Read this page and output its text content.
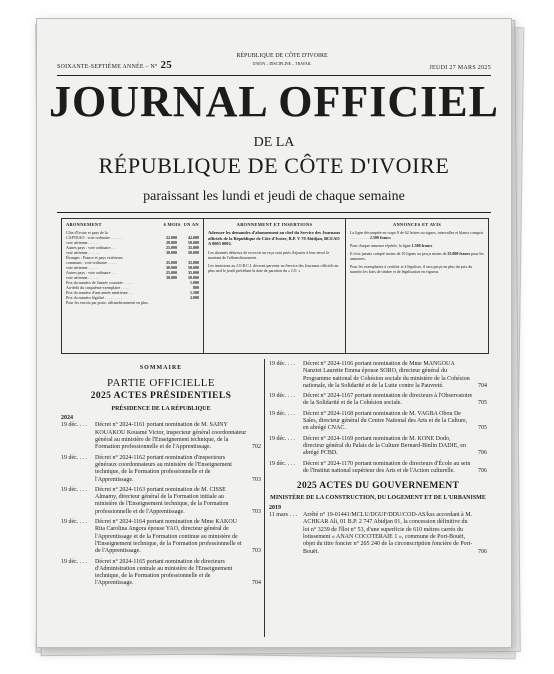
SOIXANTE-SEPTIÈME ANNÉE – N° 25
RÉPUBLIQUE DE CÔTE D'IVOIRE
UNION – DISCIPLINE – TRAVAIL
JEUDI 27 MARS 2025
JOURNAL OFFICIEL
DE LA
RÉPUBLIQUE DE CÔTE D'IVOIRE
paraissant les lundi et jeudi de chaque semaine
ABONNEMENT	6 MOIS UN AN
Côte d'Ivoire et pays de la		
CAPTEAO : voie ordinaire . . . . . .	22.000	42.000
voie aérienne . . . . . .	28.000	50.000
Autres pays : voie ordinaire . . .	25.000	35.000
voie aérienne . . . . . .	30.000	50.000
Étranger : France et pays extérieurs		
communs : voie ordinaire . . . . .	25.000	35.000
voie aérienne . . . . . .	30.000	50.000
Autres pays : voie ordinaire . . .	25.000	35.000
voie aérienne . . . . . .	30.000	50.000
Prix du numéro de l'année courante . . . . .		1.000
Au-delà du cinquième exemplaire . . . . .		800
Prix du numéro d'une année antérieure . . .		1.500
Prix du numéro légalisé . . . . . . . . .		2.000

Pour les envois par poste, affranchissement en plus.

ABONNEMENT ET INSERTIONS

Adresser les demandes d'abonnement au chef du Service des Journaux officiels de la République de Côte d'Ivoire, B.P. V 70 Abidjan, BCEAO A 0005 0002.

Les abonnés désireux de recevoir un reçu sont priés d'ajouter à leur envoi le montant de l'affranchissement.

Les insertions au J.O.R.C.I. devront parvenir au Service des Journaux officiels au plus tard le jeudi précédant la date de parution du « J.O. »

ANNONCES ET AVIS

La ligne décomptée en corps 8 de 62 lettres ou signes, intervalles et blancs compris . . . . . . . . . . 2.500 francs

Pour chaque annonce répétée, la ligne 1.500 francs

Il n'est jamais compté moins de 10 lignes ou perçu moins de 25.000 francs pour les annonces.

Pour les exemplaires à certifier et à légaliser, il sera perçu en plus du prix du numéro les frais de timbre et de légalisation en vigueur.

SOMMAIRE
PARTIE OFFICIELLE
2025 ACTES PRÉSIDENTIELS
PRÉSIDENCE DE LA RÉPUBLIQUE
2024
19 déc. . . .	Décret n° 2024-1161 portant nomination de M. SAINY KOUAKOU Kouamé Victor, inspecteur général coordonnateur général au ministère de l'Enseignement technique, de la Formation professionnelle et de l'Apprentissage.	702
19 déc. . . .	Décret n° 2024-1162 portant nomination d'inspecteurs généraux coordonnateurs au ministère de l'Enseignement technique, de la Formation professionnelle et de l'Apprentissage.	703
19 déc. . . .	Décret n° 2024-1163 portant nomination de M. CISSE Almamy, directeur général de la Formation initiale au ministère de l'Enseignement technique, de la Formation professionnelle et de l'Apprentissage.	703
19 déc. . . .	Décret n° 2024-1164 portant nomination de Mme KAKOU Rita Carolina Angora épouse YAO, directeur général de l'Apprentissage et de la Formation continue au ministère de l'Enseignement technique, de la Formation professionnelle et de l'Apprentissage.	703
19 déc. . . .	Décret n° 2024-1165 portant nomination de directeurs d'Administration centrale au ministère de l'Enseignement technique, de la Formation professionnelle et de l'Apprentissage.	704
19 déc. . . .	Décret n° 2024-1166 portant nomination de Mme MANGOUA Nanziet Laurette Emma épouse SORO, directeur général du Programme national de Cohésion sociale du ministère de la Cohésion nationale, de la Solidarité et de la Lutte contre la Pauvreté.	704
19 déc. . . .	Décret n° 2024-1167 portant nomination de directeurs à l'Observatoire de la Solidarité et de la Cohésion sociale.	705
19 déc. . . .	Décret n° 2024-1168 portant nomination de M. VAGBA Obou De Sales, directeur général du Centre National des Arts et de la Culture, en abrégé CNAC.	705
19 déc. . . .	Décret n° 2024-1169 portant nomination de M. KONE Dodo, directeur général du Palais de la Culture Bernard-Binlin DADIE, en abrégé PCBD.	706
19 déc. . . .	Décret n° 2024-1170 portant nomination de directeurs d'École au sein de l'Institut national supérieur des Arts et de l'Action culturelle.	706
2025 ACTES DU GOUVERNEMENT
MINISTÈRE DE LA CONSTRUCTION, DU LOGEMENT ET DE L'URBANISME
2019
11 mars . . .	Arrêté n° 19-01441/MCLU/DGUF/DDU/COD-AS/kss accordant à M. ACHKAR Ali, 01 B.P. 2 747 Abidjan 01, la concession définitive du lot n° 3239 de l'îlot n° 53, d'une superficie de 610 mètres carrés du lotissement « ANAN COCOTERAIE 1 », commune de Port-Bouët, objet du titre foncier n° 205 240 de la circonscription foncière de Port-Bouët.	706
